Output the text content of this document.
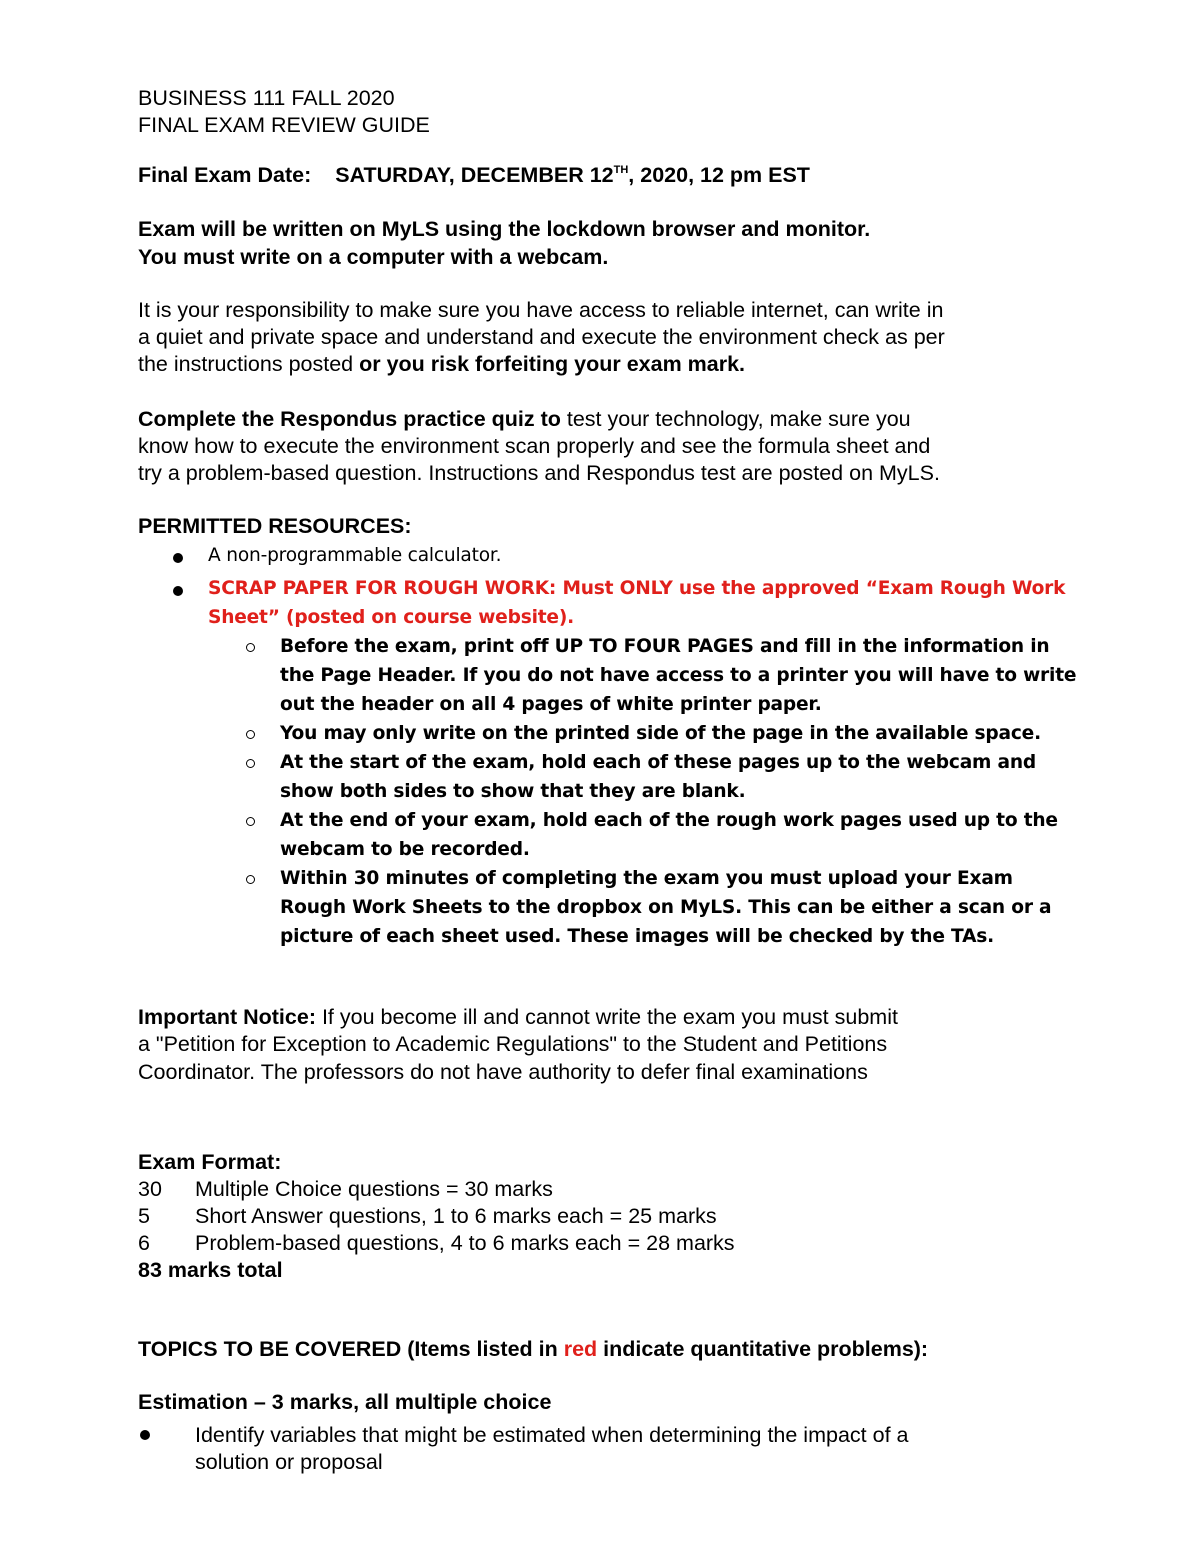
BUSINESS 111 FALL 2020
FINAL EXAM REVIEW GUIDE
Final Exam Date: SATURDAY, DECEMBER 12TH, 2020, 12 pm EST
Exam will be written on MyLS using the lockdown browser and monitor.
You must write on a computer with a webcam.
It is your responsibility to make sure you have access to reliable internet, can write in
a quiet and private space and understand and execute the environment check as per
the instructions posted or you risk forfeiting your exam mark.
Complete the Respondus practice quiz to test your technology, make sure you
know how to execute the environment scan properly and see the formula sheet and
try a problem-based question. Instructions and Respondus test are posted on MyLS.
PERMITTED RESOURCES:
A non-programmable calculator.
SCRAP PAPER FOR ROUGH WORK: Must ONLY use the approved “Exam Rough Work
Sheet” (posted on course website).
Before the exam, print off UP TO FOUR PAGES and fill in the information in
the Page Header. If you do not have access to a printer you will have to write
out the header on all 4 pages of white printer paper.
You may only write on the printed side of the page in the available space.
At the start of the exam, hold each of these pages up to the webcam and
show both sides to show that they are blank.
At the end of your exam, hold each of the rough work pages used up to the
webcam to be recorded.
Within 30 minutes of completing the exam you must upload your Exam
Rough Work Sheets to the dropbox on MyLS. This can be either a scan or a
picture of each sheet used. These images will be checked by the TAs.
Important Notice: If you become ill and cannot write the exam you must submit
a "Petition for Exception to Academic Regulations" to the Student and Petitions
Coordinator. The professors do not have authority to defer final examinations
Exam Format:
30 Multiple Choice questions = 30 marks
5 Short Answer questions, 1 to 6 marks each = 25 marks
6 Problem-based questions, 4 to 6 marks each = 28 marks
83 marks total
TOPICS TO BE COVERED (Items listed in red indicate quantitative problems):
Estimation – 3 marks, all multiple choice
Identify variables that might be estimated when determining the impact of a
solution or proposal
